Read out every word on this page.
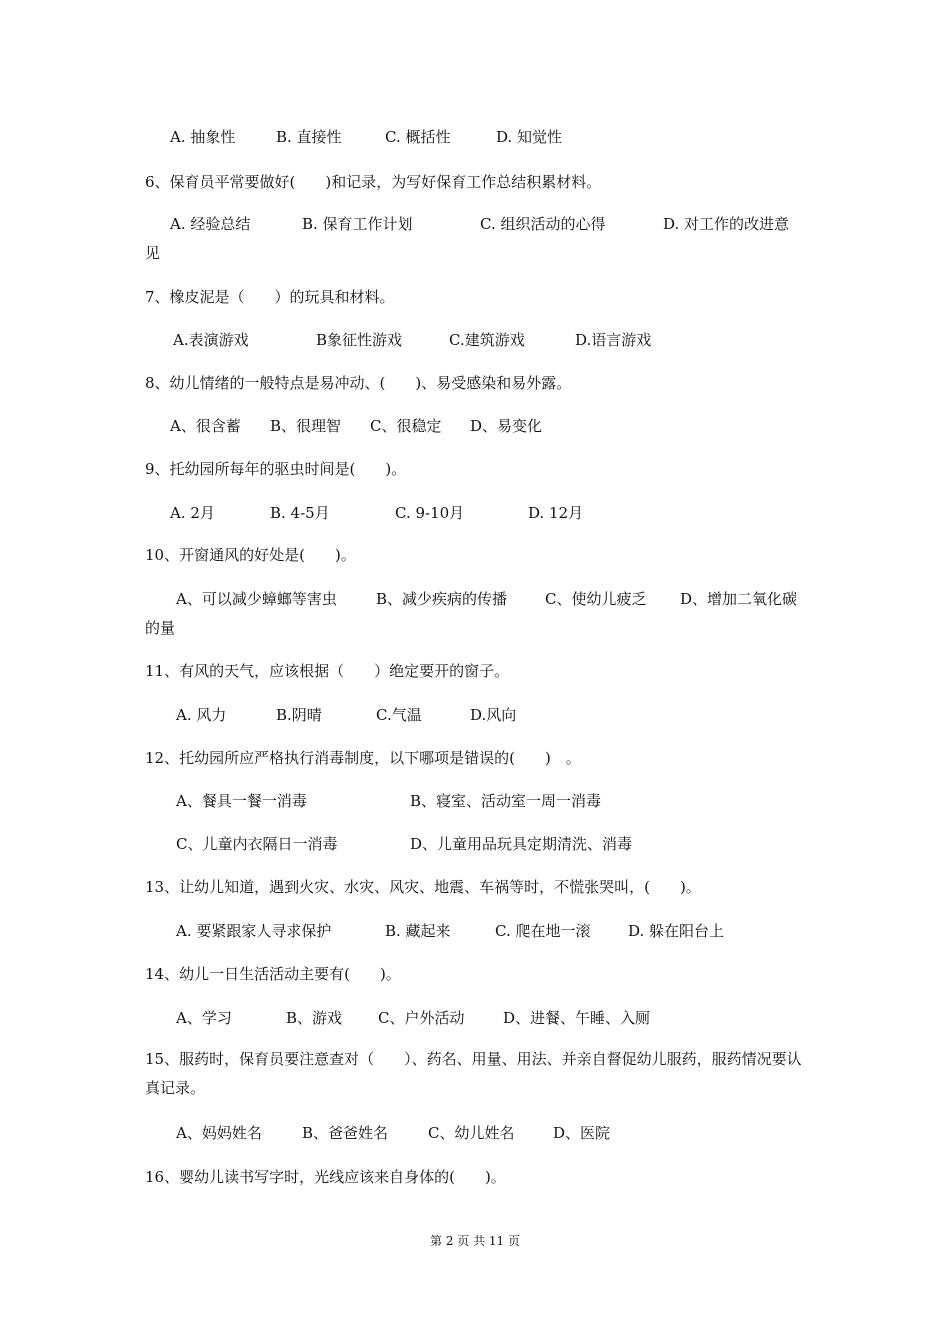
A. 抽象性	B. 直接性	C. 概括性	D. 知觉性
6、保育员平常要做好(　　)和记录，为写好保育工作总结积累材料。
A. 经验总结	B. 保育工作计划	C. 组织活动的心得	D. 对工作的改进意
见
7、橡皮泥是（　　）的玩具和材料。
A.表演游戏	B象征性游戏	C.建筑游戏	D.语言游戏
8、幼儿情绪的一般特点是易冲动、(　　)、易受感染和易外露。
A、很含蓄 B、很理智 C、很稳定 D、易变化
9、托幼园所每年的驱虫时间是(　　)。
A. 2月	B. 4-5月	C. 9-10月	D. 12月
10、开窗通风的好处是(　　)。
A、可以减少蟑螂等害虫	B、减少疾病的传播	C、使幼儿疲乏 D、增加二氧化碳
的量
11、有风的天气，应该根据（　　）绝定要开的窗子。
A. 风力	B.阴晴	C.气温	D.风向
12、托幼园所应严格执行消毒制度，以下哪项是错误的(　　)　。
A、餐具一餐一消毒	B、寝室、活动室一周一消毒
C、儿童内衣隔日一消毒	D、儿童用品玩具定期清洗、消毒
13、让幼儿知道，遇到火灾、水灾、风灾、地震、车祸等时，不慌张哭叫，(　　)。
A. 要紧跟家人寻求保护	B. 藏起来	C. 爬在地一滚	D. 躲在阳台上
14、幼儿一日生活活动主要有(　　)。
A、学习	B、游戏 C、户外活动	D、进餐、午睡、入厕
15、服药时，保育员要注意查对（　　）、药名、用量、用法、并亲自督促幼儿服药，服药情况要认真记录。
A、妈妈姓名	B、爸爸姓名	C、幼儿姓名	D、医院
16、婴幼儿读书写字时，光线应该来自身体的(　　)。
第 2 页 共 11 页
